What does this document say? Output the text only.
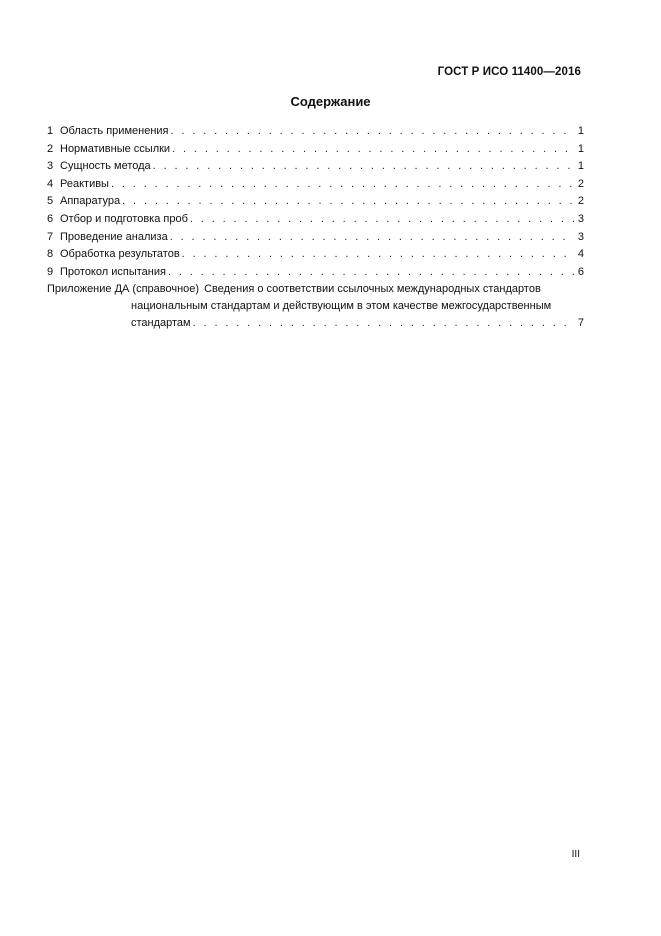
ГОСТ Р ИСО 11400—2016
Содержание
1 Область применения . . .	1
2 Нормативные ссылки . . .	1
3 Сущность метода . . .	1
4 Реактивы . . .	2
5 Аппаратура . . .	2
6 Отбор и подготовка проб . . .	3
7 Проведение анализа . . .	3
8 Обработка результатов . . .	4
9 Протокол испытания . . .	6
Приложение ДА (справочное) Сведения о соответствии ссылочных международных стандартов
национальным стандартам и действующим в этом качестве межгосударственным
стандартам . . .	7
III
